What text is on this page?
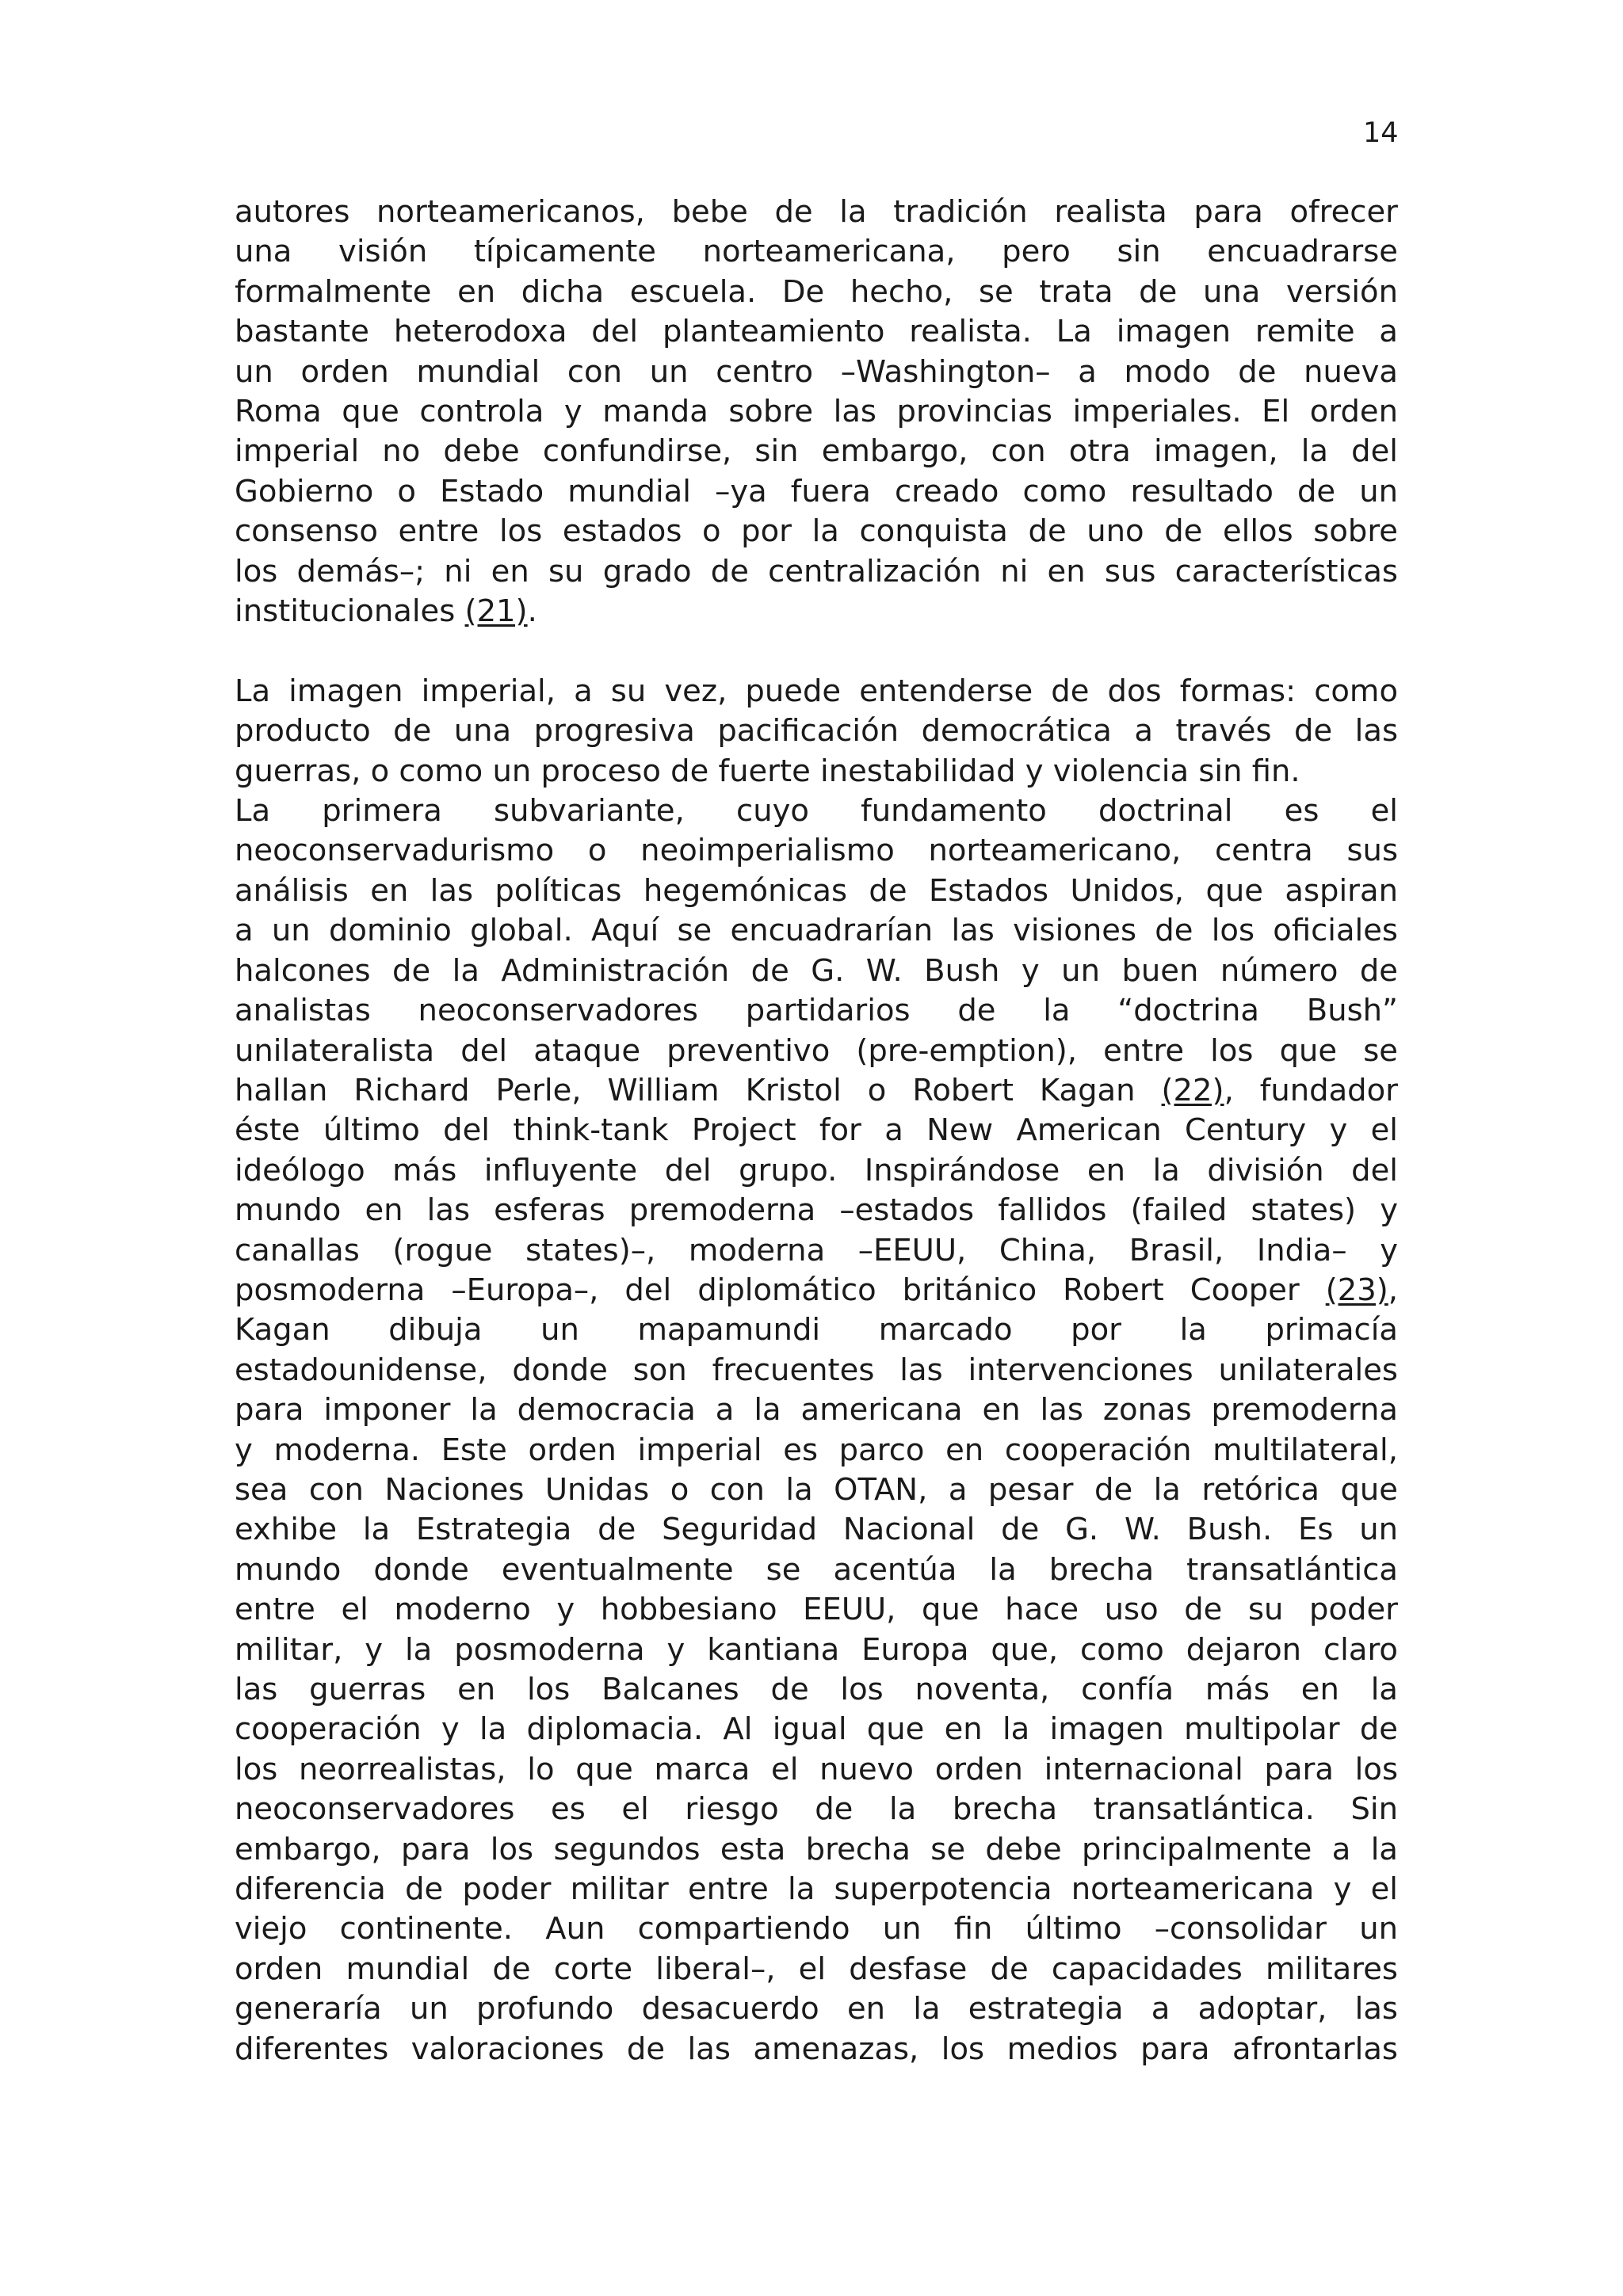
14
autores norteamericanos, bebe de la tradición realista para ofrecer
una visión típicamente norteamericana, pero sin encuadrarse
formalmente en dicha escuela. De hecho, se trata de una versión
bastante heterodoxa del planteamiento realista. La imagen remite a
un orden mundial con un centro –Washington– a modo de nueva
Roma que controla y manda sobre las provincias imperiales. El orden
imperial no debe confundirse, sin embargo, con otra imagen, la del
Gobierno o Estado mundial –ya fuera creado como resultado de un
consenso entre los estados o por la conquista de uno de ellos sobre
los demás–; ni en su grado de centralización ni en sus características
institucionales (21).
La imagen imperial, a su vez, puede entenderse de dos formas: como
producto de una progresiva pacificación democrática a través de las
guerras, o como un proceso de fuerte inestabilidad y violencia sin fin.
La primera subvariante, cuyo fundamento doctrinal es el
neoconservadurismo o neoimperialismo norteamericano, centra sus
análisis en las políticas hegemónicas de Estados Unidos, que aspiran
a un dominio global. Aquí se encuadrarían las visiones de los oficiales
halcones de la Administración de G. W. Bush y un buen número de
analistas neoconservadores partidarios de la “doctrina Bush”
unilateralista del ataque preventivo (pre-emption), entre los que se
hallan Richard Perle, William Kristol o Robert Kagan (22), fundador
éste último del think-tank Project for a New American Century y el
ideólogo más influyente del grupo. Inspirándose en la división del
mundo en las esferas premoderna –estados fallidos (failed states) y
canallas (rogue states)–, moderna –EEUU, China, Brasil, India– y
posmoderna –Europa–, del diplomático británico Robert Cooper (23),
Kagan dibuja un mapamundi marcado por la primacía
estadounidense, donde son frecuentes las intervenciones unilaterales
para imponer la democracia a la americana en las zonas premoderna
y moderna. Este orden imperial es parco en cooperación multilateral,
sea con Naciones Unidas o con la OTAN, a pesar de la retórica que
exhibe la Estrategia de Seguridad Nacional de G. W. Bush. Es un
mundo donde eventualmente se acentúa la brecha transatlántica
entre el moderno y hobbesiano EEUU, que hace uso de su poder
militar, y la posmoderna y kantiana Europa que, como dejaron claro
las guerras en los Balcanes de los noventa, confía más en la
cooperación y la diplomacia. Al igual que en la imagen multipolar de
los neorrealistas, lo que marca el nuevo orden internacional para los
neoconservadores es el riesgo de la brecha transatlántica. Sin
embargo, para los segundos esta brecha se debe principalmente a la
diferencia de poder militar entre la superpotencia norteamericana y el
viejo continente. Aun compartiendo un fin último –consolidar un
orden mundial de corte liberal–, el desfase de capacidades militares
generaría un profundo desacuerdo en la estrategia a adoptar, las
diferentes valoraciones de las amenazas, los medios para afrontarlas
